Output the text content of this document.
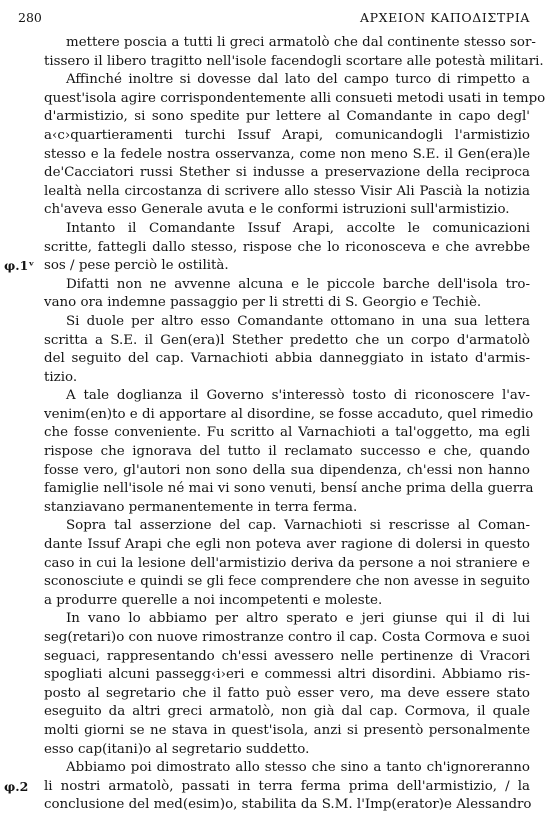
280	ΑΡΧΕΙΟΝ ΚΑΠΟΔΙΣΤΡΙΑ
mettere poscia a tutti li greci armatolò che dal continente stesso sor-
tissero il libero tragitto nell'isole facendogli scortare alle potestà militari.
Affinché inoltre si dovesse dal lato del campo turco di rimpetto a
quest'isola agire corrispondentemente alli consueti metodi usati in tempo
d'armistizio, si sono spedite pur lettere al Comandante in capo degl'
a‹c›quartieramenti turchi Issuf Arapi, comunicandogli l'armistizio
stesso e la fedele nostra osservanza, come non meno S.E. il Gen(era)le
de'Cacciatori russi Stether si indusse a preservazione della reciproca
lealtà nella circostanza di scrivere allo stesso Visir Ali Pascià la notizia
ch'aveva esso Generale avuta e le conformi istruzioni sull'armistizio.
Intanto il Comandante Issuf Arapi, accolte le comunicazioni
scritte, fattegli dallo stesso, rispose che lo riconosceva e che avrebbe
sos / pese perciò le ostilità.
φ.1ᵛ
Difatti non ne avvenne alcuna e le piccole barche dell'isola tro-
vano ora indemne passaggio per li stretti di S. Georgio e Techiè.
Si duole per altro esso Comandante ottomano in una sua lettera
scritta a S.E. il Gen(era)l Stether predetto che un corpo d'armatolò
del seguito del cap. Varnachioti abbia danneggiato in istato d'armis-
tizio.
A tale doglianza il Governo s'interessò tosto di riconoscere l'av-
venim(en)to e di apportare al disordine, se fosse accaduto, quel rimedio
che fosse conveniente. Fu scritto al Varnachioti a tal'oggetto, ma egli
rispose che ignorava del tutto il reclamato successo e che, quando
fosse vero, gl'autori non sono della sua dipendenza, ch'essi non hanno
famiglie nell'isole né mai vi sono venuti, bensí anche prima della guerra
stanziavano permanentemente in terra ferma.
Sopra tal asserzione del cap. Varnachioti si rescrisse al Coman-
dante Issuf Arapi che egli non poteva aver ragione di dolersi in questo
caso in cui la lesione dell'armistizio deriva da persone a noi straniere e
sconosciute e quindi se gli fece comprendere che non avesse in seguito
a produrre querelle a noi incompetenti e moleste.
In vano lo abbiamo per altro sperato e jeri giunse qui il di lui
seg(retari)o con nuove rimostranze contro il cap. Costa Cormova e suoi
seguaci, rappresentando ch'essi avessero nelle pertinenze di Vracori
spogliati alcuni passegg‹i›eri e commessi altri disordini. Abbiamo ris-
posto al segretario che il fatto può esser vero, ma deve essere stato
eseguito da altri greci armatolò, non già dal cap. Cormova, il quale
molti giorni se ne stava in quest'isola, anzi si presentò personalmente
esso cap(itani)o al segretario suddetto.
Abbiamo poi dimostrato allo stesso che sino a tanto ch'ignoreranno
li nostri armatolò, passati in terra ferma prima dell'armistizio, / la
φ.2
conclusione del med(esim)o, stabilita da S.M. l'Imp(erator)e Alessandro
